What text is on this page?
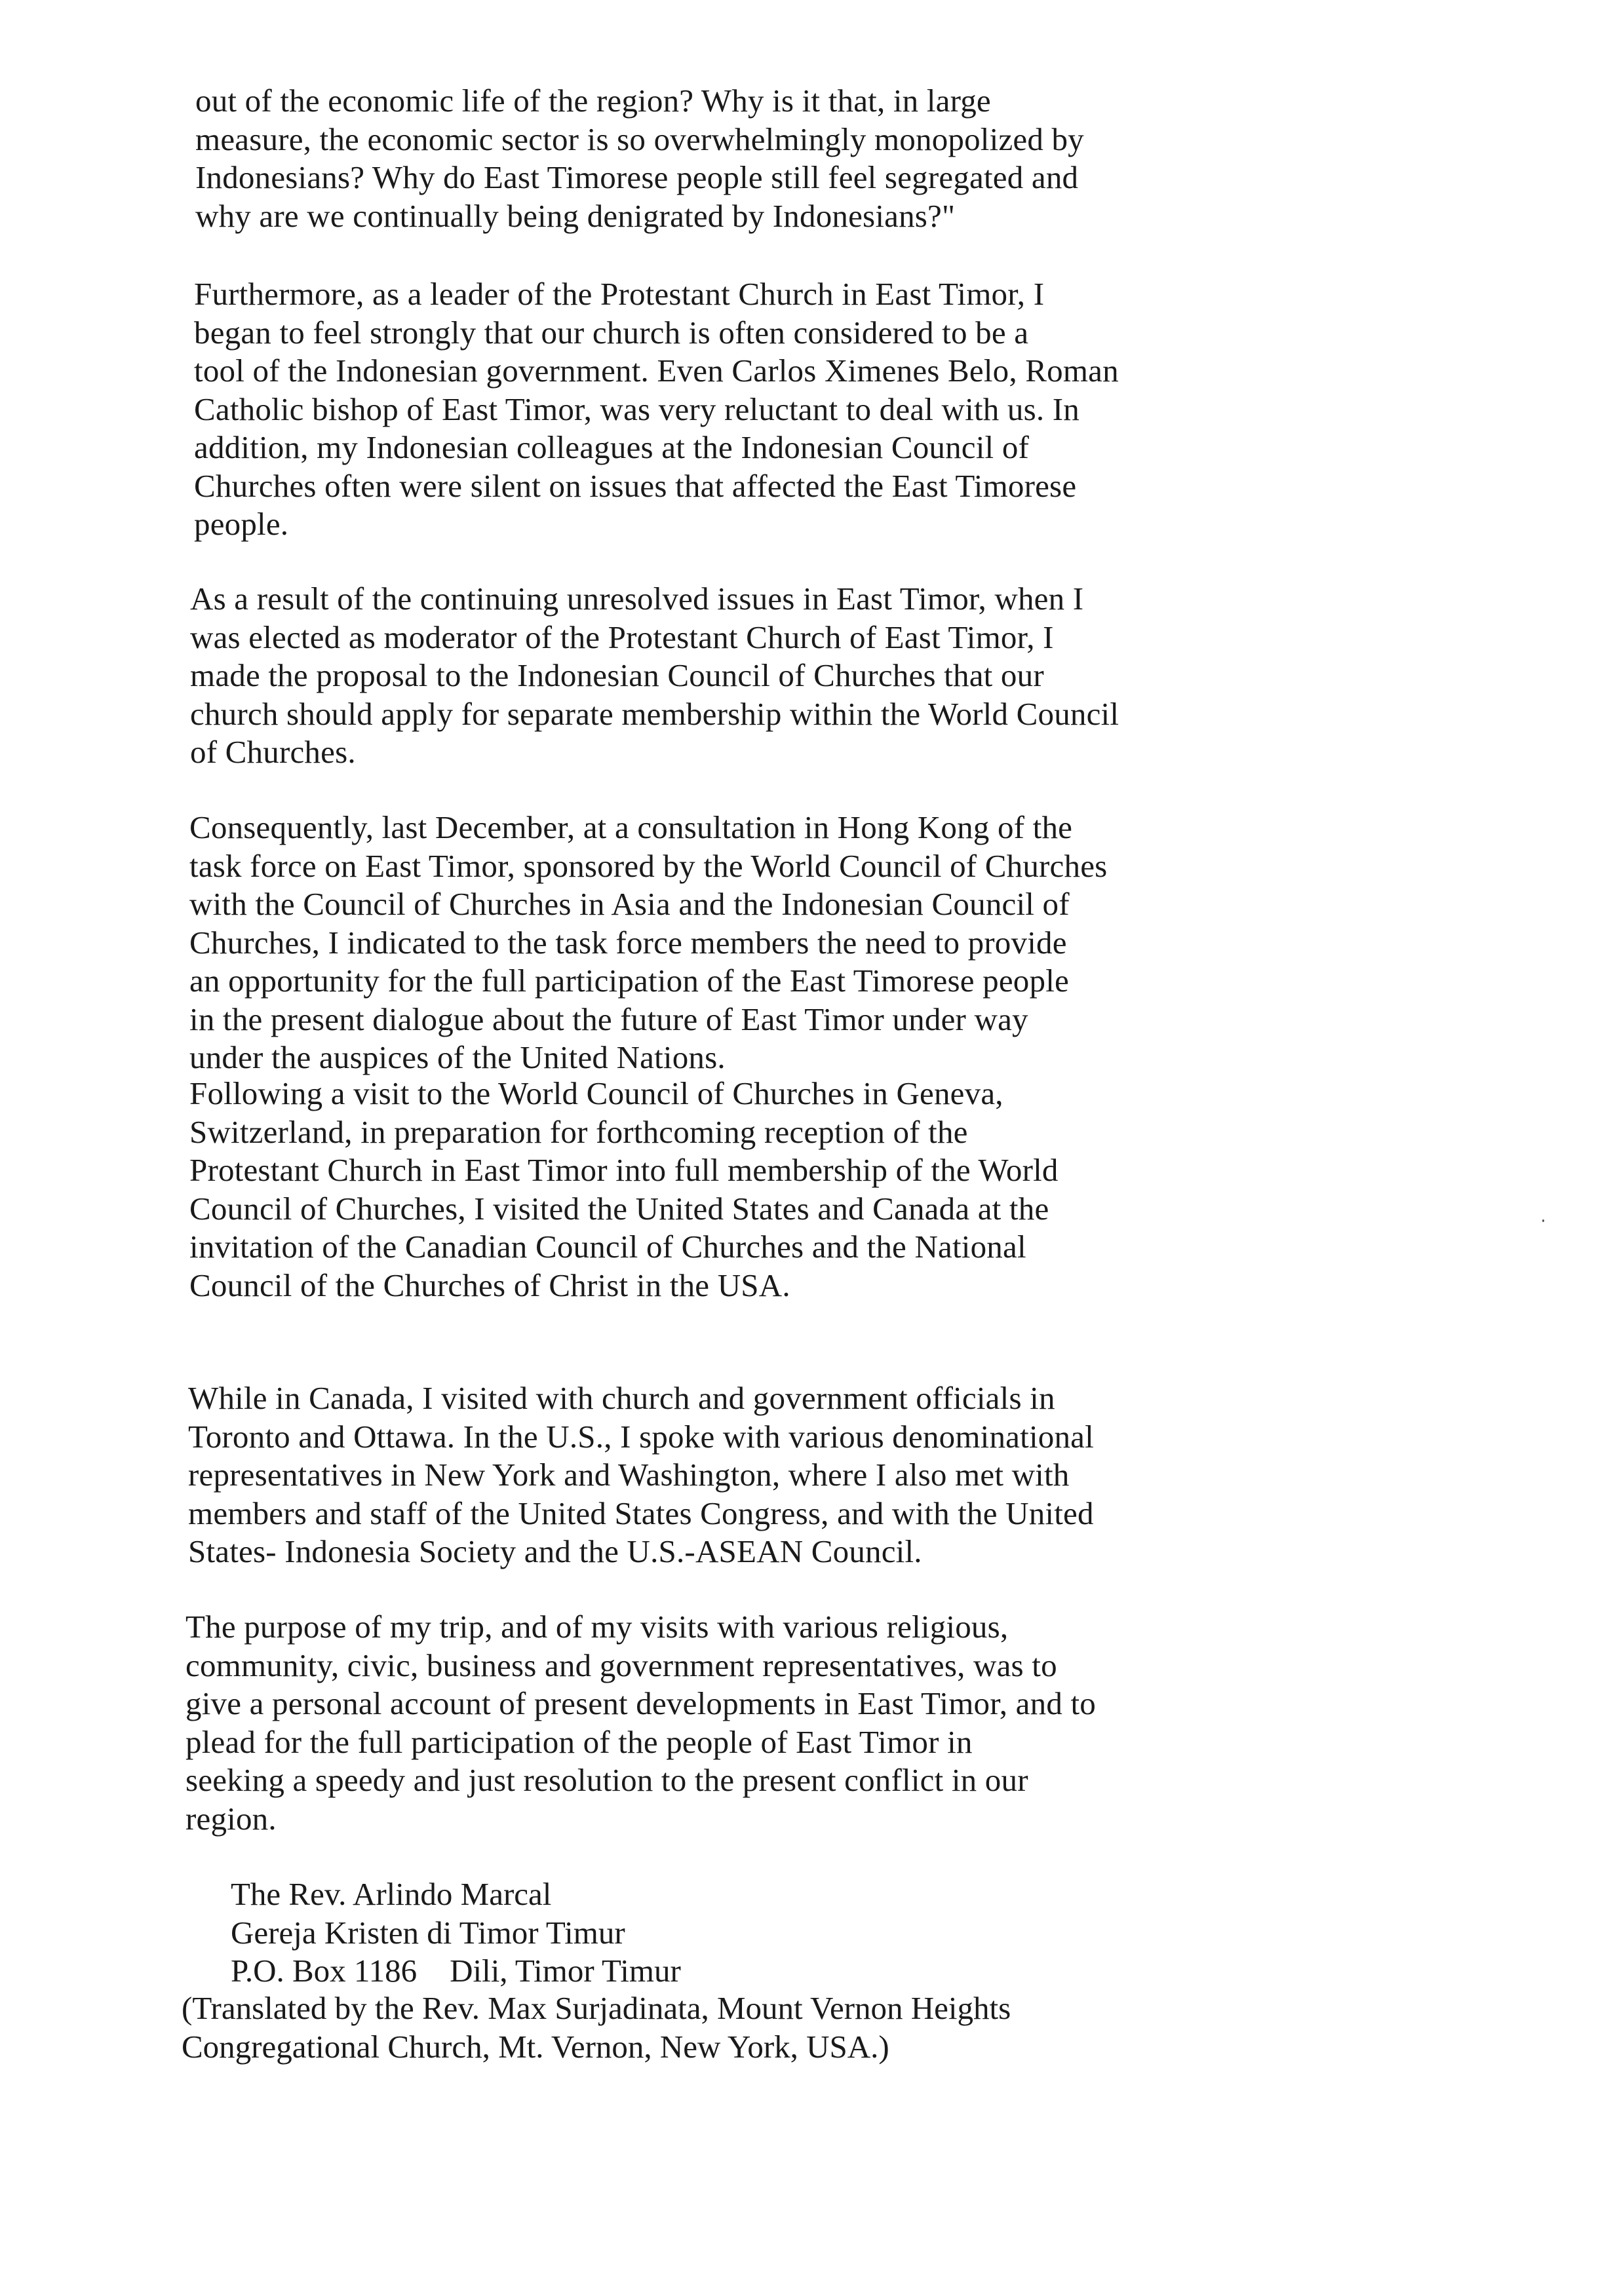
out of the economic life of the region? Why is it that, in large
measure, the economic sector is so overwhelmingly monopolized by
Indonesians? Why do East Timorese people still feel segregated and
why are we continually being denigrated by Indonesians?"
Furthermore, as a leader of the Protestant Church in East Timor, I
began to feel strongly that our church is often considered to be a
tool of the Indonesian government. Even Carlos Ximenes Belo, Roman
Catholic bishop of East Timor, was very reluctant to deal with us. In
addition, my Indonesian colleagues at the Indonesian Council of
Churches often were silent on issues that affected the East Timorese
people.
As a result of the continuing unresolved issues in East Timor, when I
was elected as moderator of the Protestant Church of East Timor, I
made the proposal to the Indonesian Council of Churches that our
church should apply for separate membership within the World Council
of Churches.
Consequently, last December, at a consultation in Hong Kong of the
task force on East Timor, sponsored by the World Council of Churches
with the Council of Churches in Asia and the Indonesian Council of
Churches, I indicated to the task force members the need to provide
an opportunity for the full participation of the East Timorese people
in the present dialogue about the future of East Timor under way
under the auspices of the United Nations.
Following a visit to the World Council of Churches in Geneva,
Switzerland, in preparation for forthcoming reception of the
Protestant Church in East Timor into full membership of the World
Council of Churches, I visited the United States and Canada at the
invitation of the Canadian Council of Churches and the National
Council of the Churches of Christ in the USA.
While in Canada, I visited with church and government officials in
Toronto and Ottawa. In the U.S., I spoke with various denominational
representatives in New York and Washington, where I also met with
members and staff of the United States Congress, and with the United
States- Indonesia Society and the U.S.-ASEAN Council.
The purpose of my trip, and of my visits with various religious,
community, civic, business and government representatives, was to
give a personal account of present developments in East Timor, and to
plead for the full participation of the people of East Timor in
seeking a speedy and just resolution to the present conflict in our
region.
The Rev. Arlindo Marcal
Gereja Kristen di Timor Timur
P.O. Box 1186 Dili, Timor Timur
(Translated by the Rev. Max Surjadinata, Mount Vernon Heights
Congregational Church, Mt. Vernon, New York, USA.)
